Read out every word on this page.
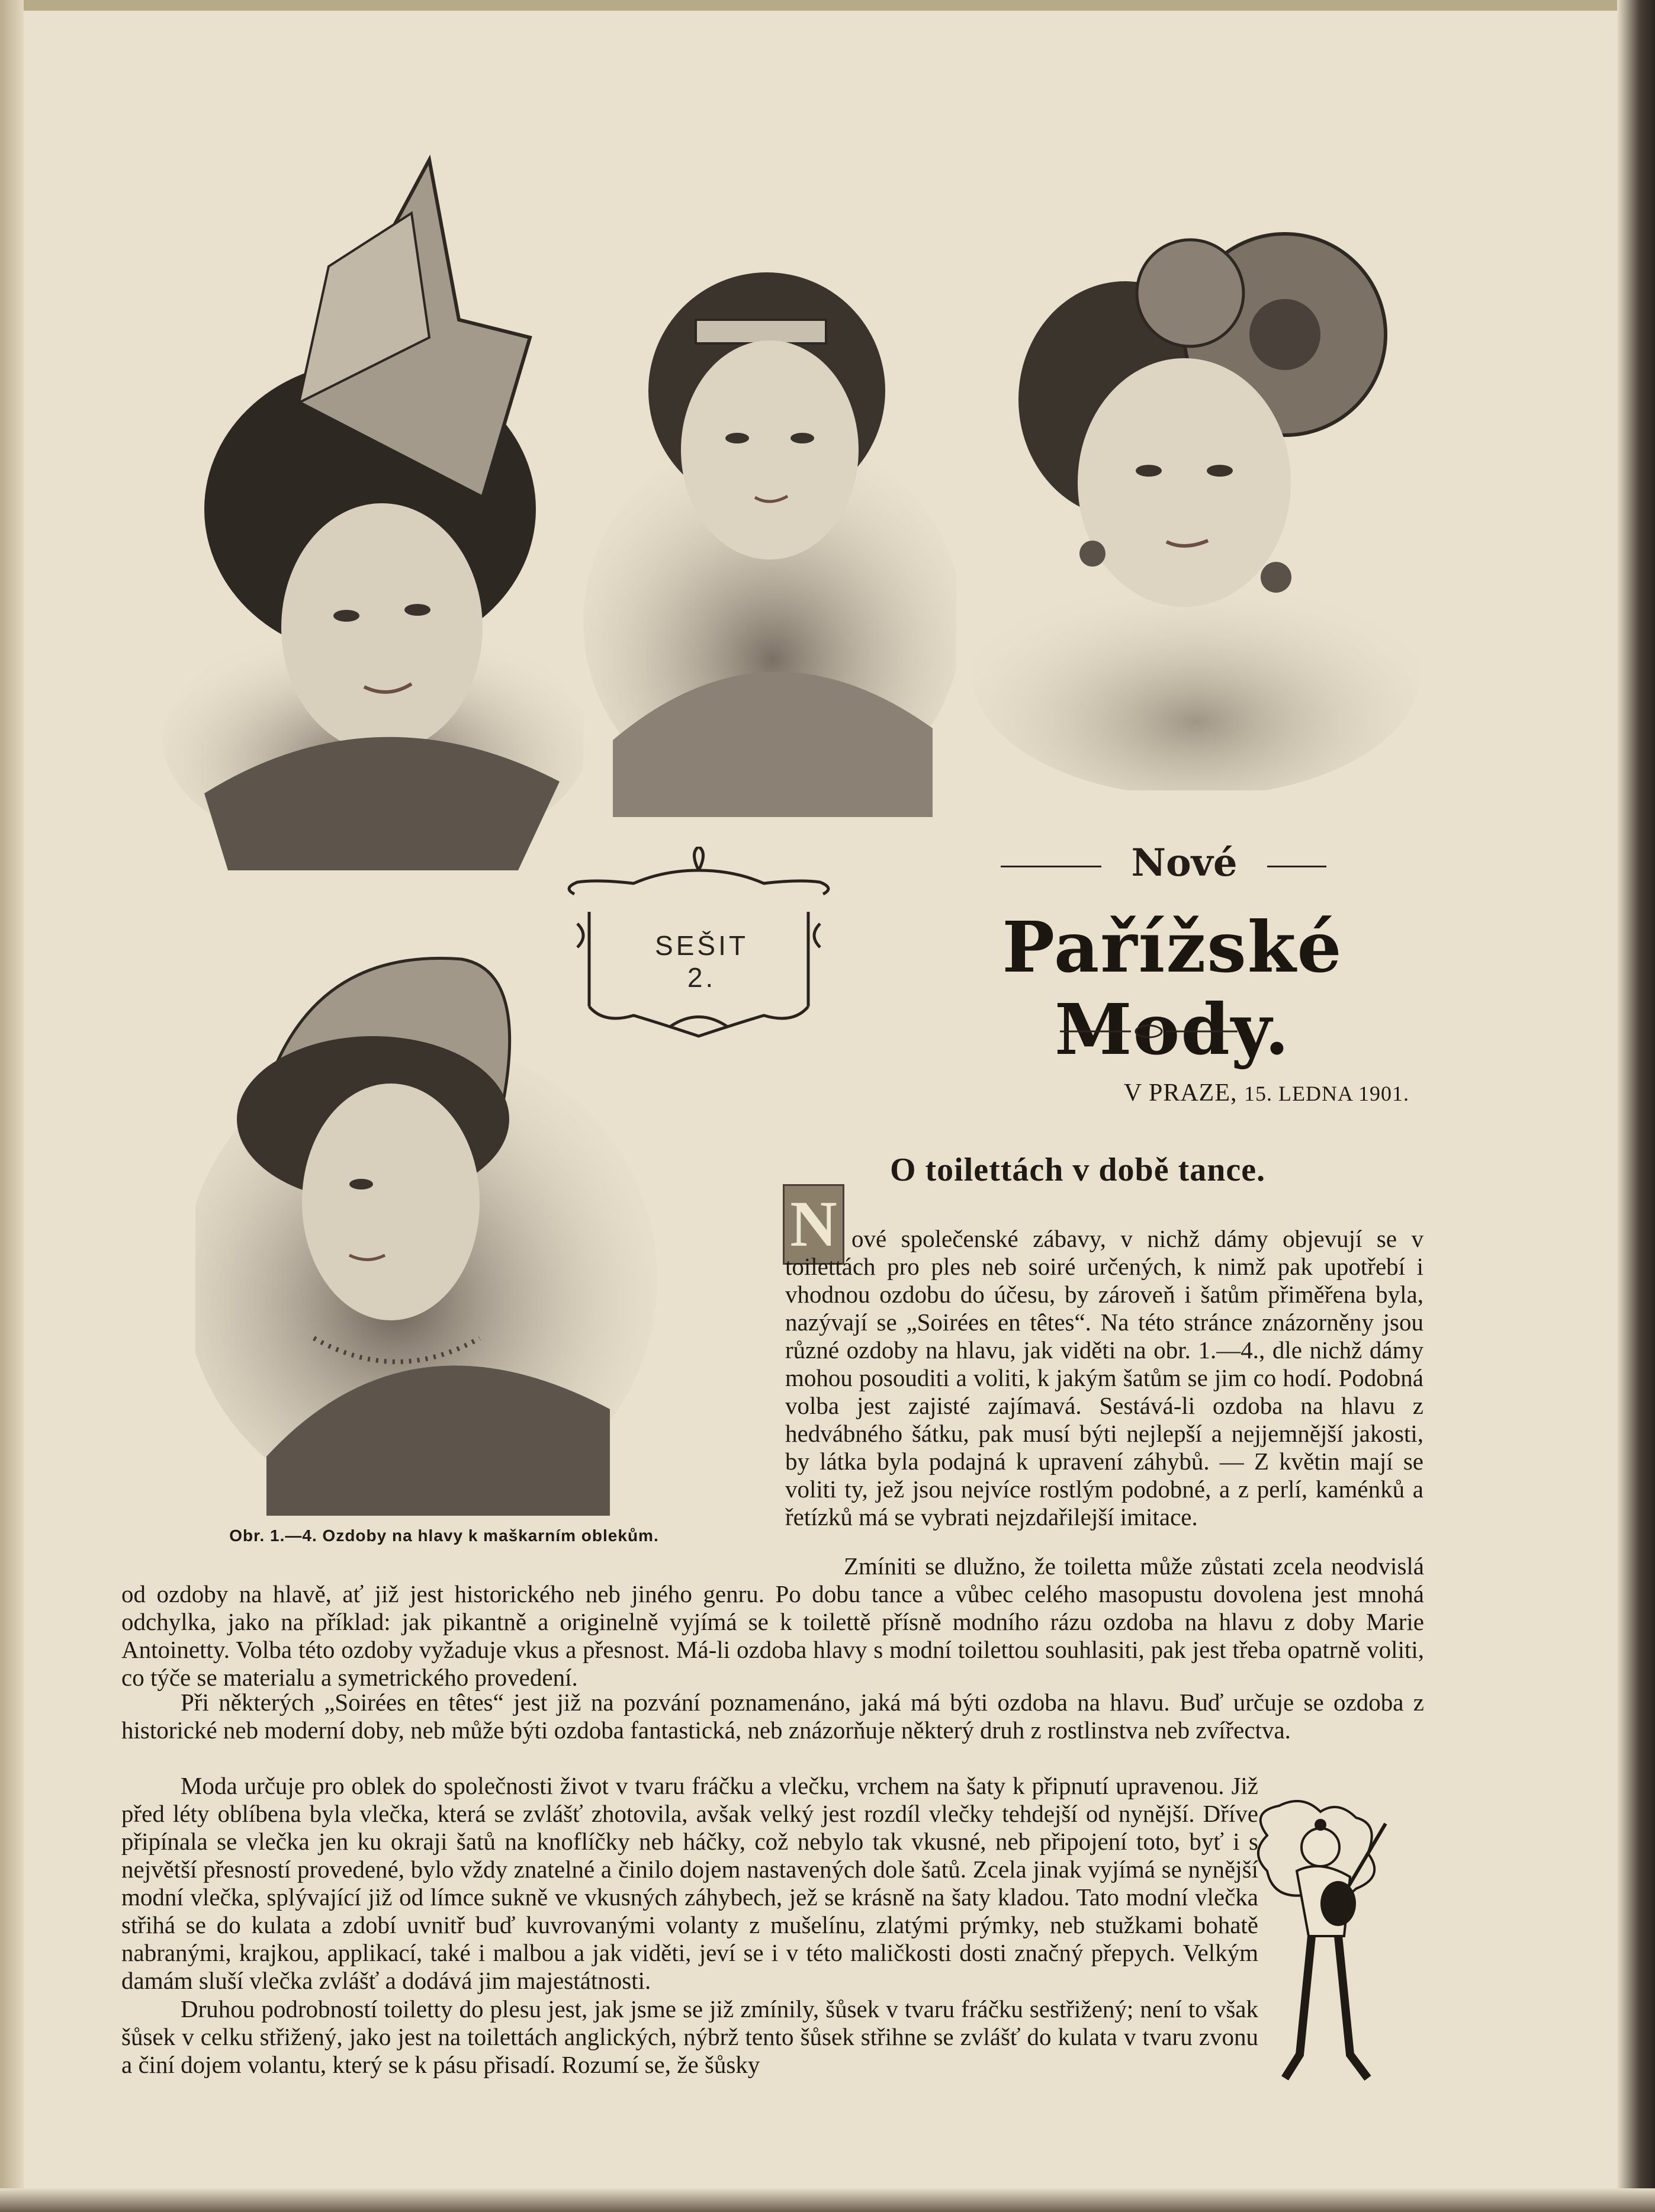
SEŠIT 2.
Nové
Pařížské Mody.
V PRAZE, 15. LEDNA 1901.
O toilettách v době tance.
N ové společenské zábavy, v nichž dámy objevují se v toilettách pro ples neb soiré určených, k nimž pak upotřebí i vhodnou ozdobu do účesu, by zároveň i šatům přiměřena byla, nazývají se „Soirées en têtes“. Na této stránce znázorněny jsou různé ozdoby na hlavu, jak viděti na obr. 1.—4., dle nichž dámy mohou posouditi a voliti, k jakým šatům se jim co hodí. Podobná volba jest zajisté zajímavá. Sestává-li ozdoba na hlavu z hedvábného šátku, pak musí býti nejlepší a nejjemnější jakosti, by látka byla podajná k upravení záhybů. — Z květin mají se voliti ty, jež jsou nejvíce rostlým podobné, a z perlí, kaménků a řetízků má se vybrati nejzdařilejší imitace.

Obr. 1.—4. Ozdoby na hlavy k maškarním oblekům.

Zmíniti se dlužno, že toiletta může zůstati zcela neodvislá od ozdoby na hlavě, ať již jest historického neb jiného genru. Po dobu tance a vůbec celého masopustu dovolena jest mnohá odchylka, jako na příklad: jak pikantně a originelně vyjímá se k toilettě přísně modního rázu ozdoba na hlavu z doby Marie Antoinetty. Volba této ozdoby vyžaduje vkus a přesnost. Má-li ozdoba hlavy s modní toilettou souhlasiti, pak jest třeba opatrně voliti, co týče se materialu a symetrického provedení.

Při některých „Soirées en têtes“ jest již na pozvání poznamenáno, jaká má býti ozdoba na hlavu. Buď určuje se ozdoba z historické neb moderní doby, neb může býti ozdoba fantastická, neb znázorňuje některý druh z rostlinstva neb zvířectva.

Moda určuje pro oblek do společnosti život v tvaru fráčku a vlečku, vrchem na šaty k připnutí upravenou. Již před léty oblíbena byla vlečka, která se zvlášť zhotovila, avšak velký jest rozdíl vlečky tehdejší od nynější. Dříve připínala se vlečka jen ku okraji šatů na knoflíčky neb háčky, což nebylo tak vkusné, neb připojení toto, byť i s největší přesností provedené, bylo vždy znatelné a činilo dojem nastavených dole šatů. Zcela jinak vyjímá se nynější modní vlečka, splývající již od límce sukně ve vkusných záhybech, jež se krásně na šaty kladou. Tato modní vlečka střihá se do kulata a zdobí uvnitř buď kuvrovanými volanty z mušelínu, zlatými prýmky, neb stužkami bohatě nabranými, krajkou, applikací, také i malbou a jak viděti, jeví se i v této maličkosti dosti značný přepych. Velkým damám sluší vlečka zvlášť a dodává jim majestátnosti.

Druhou podrobností toiletty do plesu jest, jak jsme se již zmínily, šůsek v tvaru fráčku sestřižený; není to však šůsek v celku střižený, jako jest na toilettách anglických, nýbrž tento šůsek střihne se zvlášť do kulata v tvaru zvonu a činí dojem volantu, který se k pásu přisadí. Rozumí se, že šůsky
